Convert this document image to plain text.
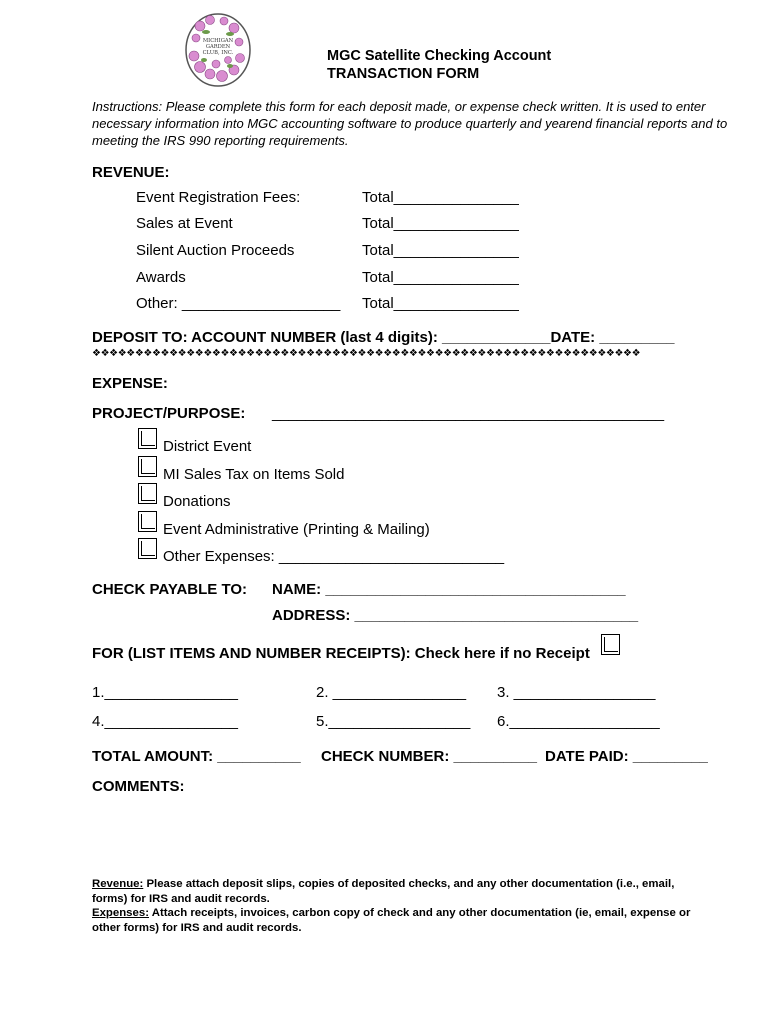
MICHIGAN
GARDEN
CLUB, INC.	MGC Satellite Checking Account
TRANSACTION FORM
Instructions: Please complete this form for each deposit made, or expense check written. It is used to enter necessary information into MGC accounting software to produce quarterly and yearend financial reports and to meeting the IRS 990 reporting requirements.
REVENUE:
Event Registration Fees:	Total_______________
Sales at Event	Total_______________
Silent Auction Proceeds	Total_______________
Awards	Total_______________
Other: ___________________ Total_______________
DEPOSIT TO: ACCOUNT NUMBER (last 4 digits): _____________DATE: _________
❖❖❖❖❖❖❖❖❖❖❖❖❖❖❖❖❖❖❖❖❖❖❖❖❖❖❖❖❖❖❖❖❖❖❖❖❖❖❖❖❖❖❖❖❖❖❖❖❖❖❖❖❖❖❖❖❖❖❖❖❖❖❖❖
EXPENSE:
PROJECT/PURPOSE: _______________________________________________
District Event
MI Sales Tax on Items Sold
Donations
Event Administrative (Printing & Mailing)
Other Expenses: ___________________________
CHECK PAYABLE TO: NAME: ____________________________________
ADDRESS: __________________________________
FOR (LIST ITEMS AND NUMBER RECEIPTS): Check here if no Receipt
1.________________	2. ________________ 3. _________________
4.________________	5._________________ 6.__________________
TOTAL AMOUNT: __________ CHECK NUMBER: __________ DATE PAID: _________
COMMENTS:
Revenue: Please attach deposit slips, copies of deposited checks, and any other documentation (i.e., email, forms) for IRS and audit records.
Expenses: Attach receipts, invoices, carbon copy of check and any other documentation (ie, email, expense or other forms) for IRS and audit records.
